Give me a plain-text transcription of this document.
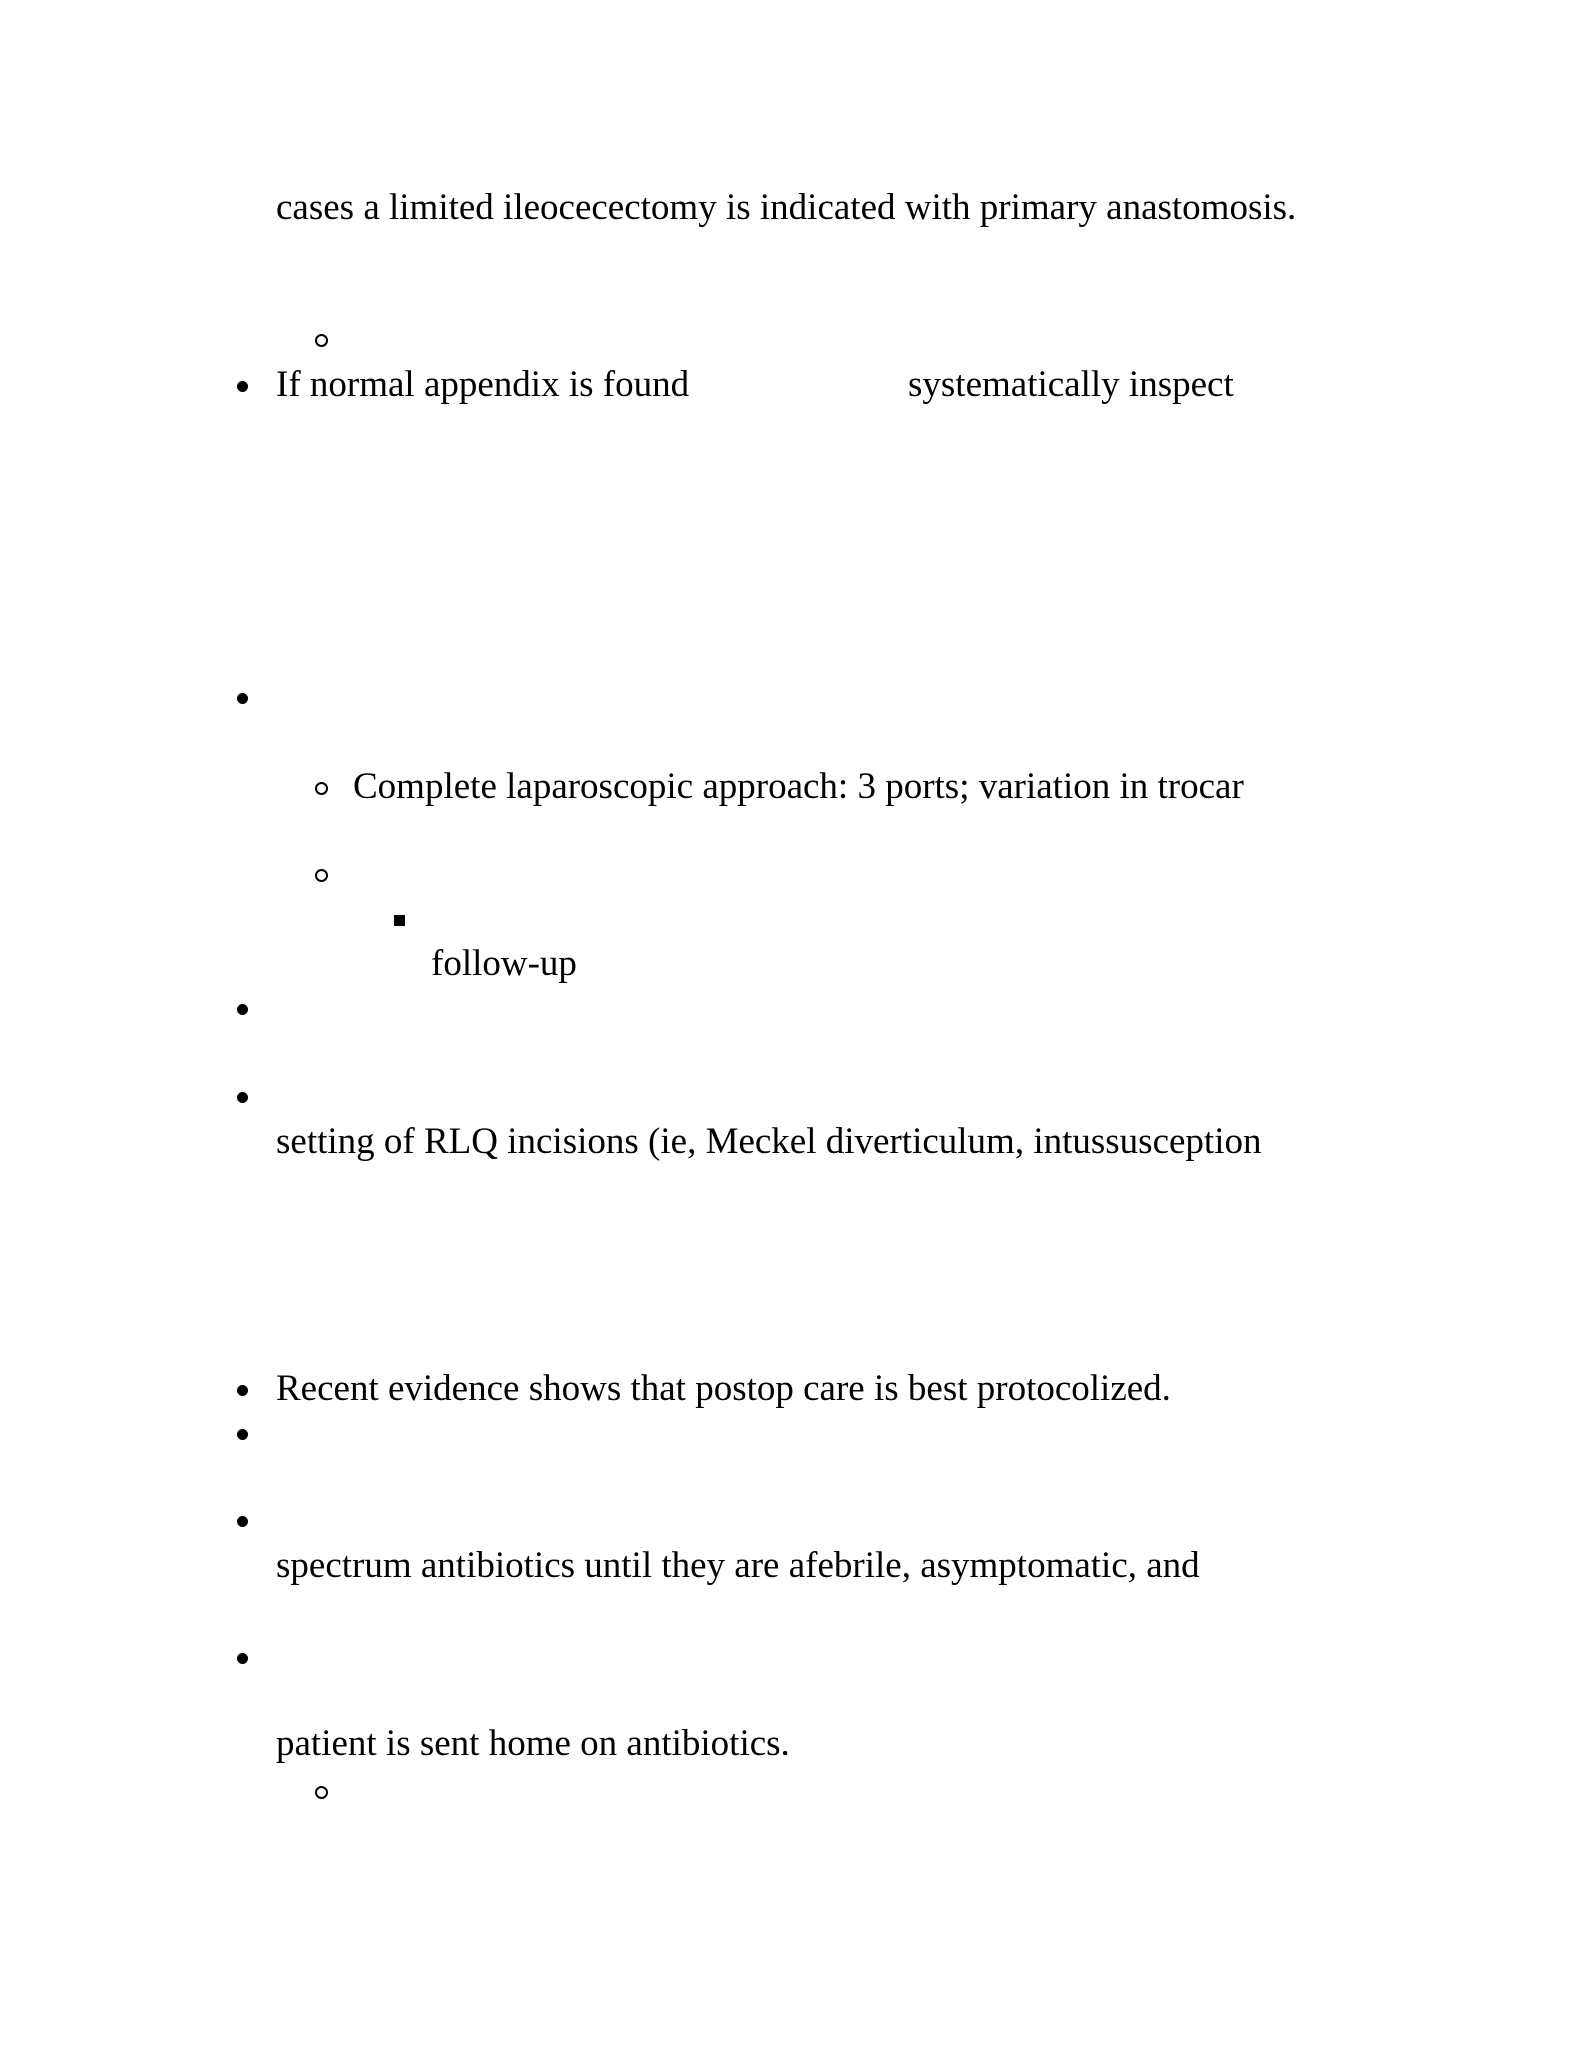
cases a limited ileocecectomy is indicated with primary anastomosis.
If normal appendix is found	systematically inspect
Complete laparoscopic approach: 3 ports; variation in trocar
follow-up
setting of RLQ incisions (ie, Meckel diverticulum, intussusception
Recent evidence shows that postop care is best protocolized.
spectrum antibiotics until they are afebrile, asymptomatic, and
patient is sent home on antibiotics.
